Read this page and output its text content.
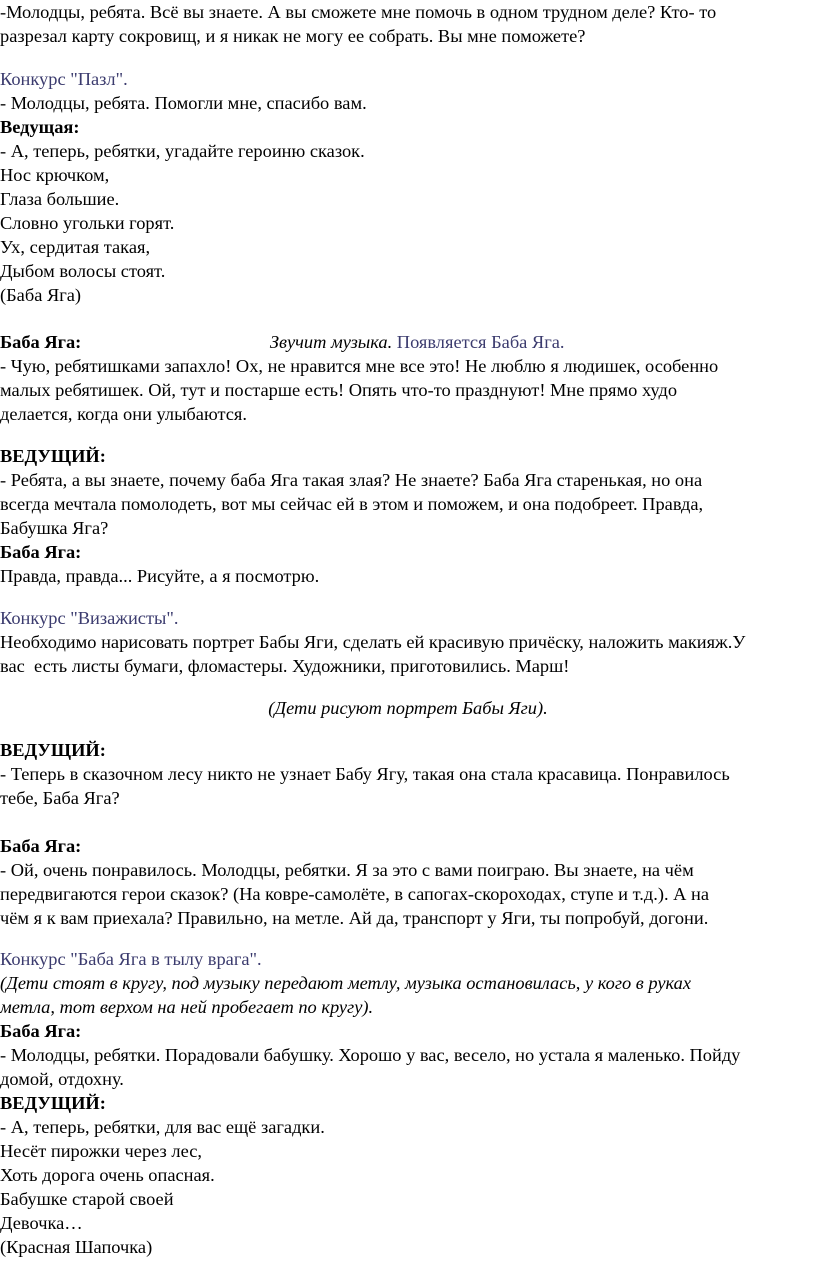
-Молодцы, ребята. Всё вы знаете. А вы сможете мне помочь в одном трудном деле? Кто- то
разрезал карту сокровищ, и я никак не могу ее собрать. Вы мне поможете?
Конкурс "Пазл".
- Молодцы, ребята. Помогли мне, спасибо вам.
Ведущая:
- А, теперь, ребятки, угадайте героиню сказок.
Нос крючком,
Глаза большие.
Словно угольки горят.
Ух, сердитая такая,
Дыбом волосы стоят.
(Баба Яга)

Звучит музыка. Появляется Баба Яга.

Баба Яга:
- Чую, ребятишками запахло! Ох, не нравится мне все это! Не люблю я людишек, особенно
малых ребятишек. Ой, тут и постарше есть! Опять что-то празднуют! Мне прямо худо
делается, когда они улыбаются.
ВЕДУЩИЙ:
- Ребята, а вы знаете, почему баба Яга такая злая? Не знаете? Баба Яга старенькая, но она
всегда мечтала помолодеть, вот мы сейчас ей в этом и поможем, и она подобреет. Правда,
Бабушка Яга?
Баба Яга:
Правда, правда... Рисуйте, а я посмотрю.
Конкурс "Визажисты".
Необходимо нарисовать портрет Бабы Яги, сделать ей красивую причёску, наложить макияж.У
вас  есть листы бумаги, фломастеры. Художники, приготовились. Марш!
(Дети рисуют портрет Бабы Яги).
ВЕДУЩИЙ:
- Теперь в сказочном лесу никто не узнает Бабу Ягу, такая она стала красавица. Понравилось
тебе, Баба Яга?
Баба Яга:
- Ой, очень понравилось. Молодцы, ребятки. Я за это с вами поиграю. Вы знаете, на чём
передвигаются герои сказок? (На ковре-самолёте, в сапогах-скороходах, ступе и т.д.). А на
чём я к вам приехала? Правильно, на метле. Ай да, транспорт у Яги, ты попробуй, догони.
Конкурс "Баба Яга в тылу врага".
(Дети стоят в кругу, под музыку передают метлу, музыка остановилась, у кого в руках
метла, тот верхом на ней пробегает по кругу).
Баба Яга:
- Молодцы, ребятки. Порадовали бабушку. Хорошо у вас, весело, но устала я маленько. Пойду
домой, отдохну.
ВЕДУЩИЙ:
- А, теперь, ребятки, для вас ещё загадки.
Несёт пирожки через лес,
Хоть дорога очень опасная.
Бабушке старой своей
Девочка…
(Красная Шапочка)
